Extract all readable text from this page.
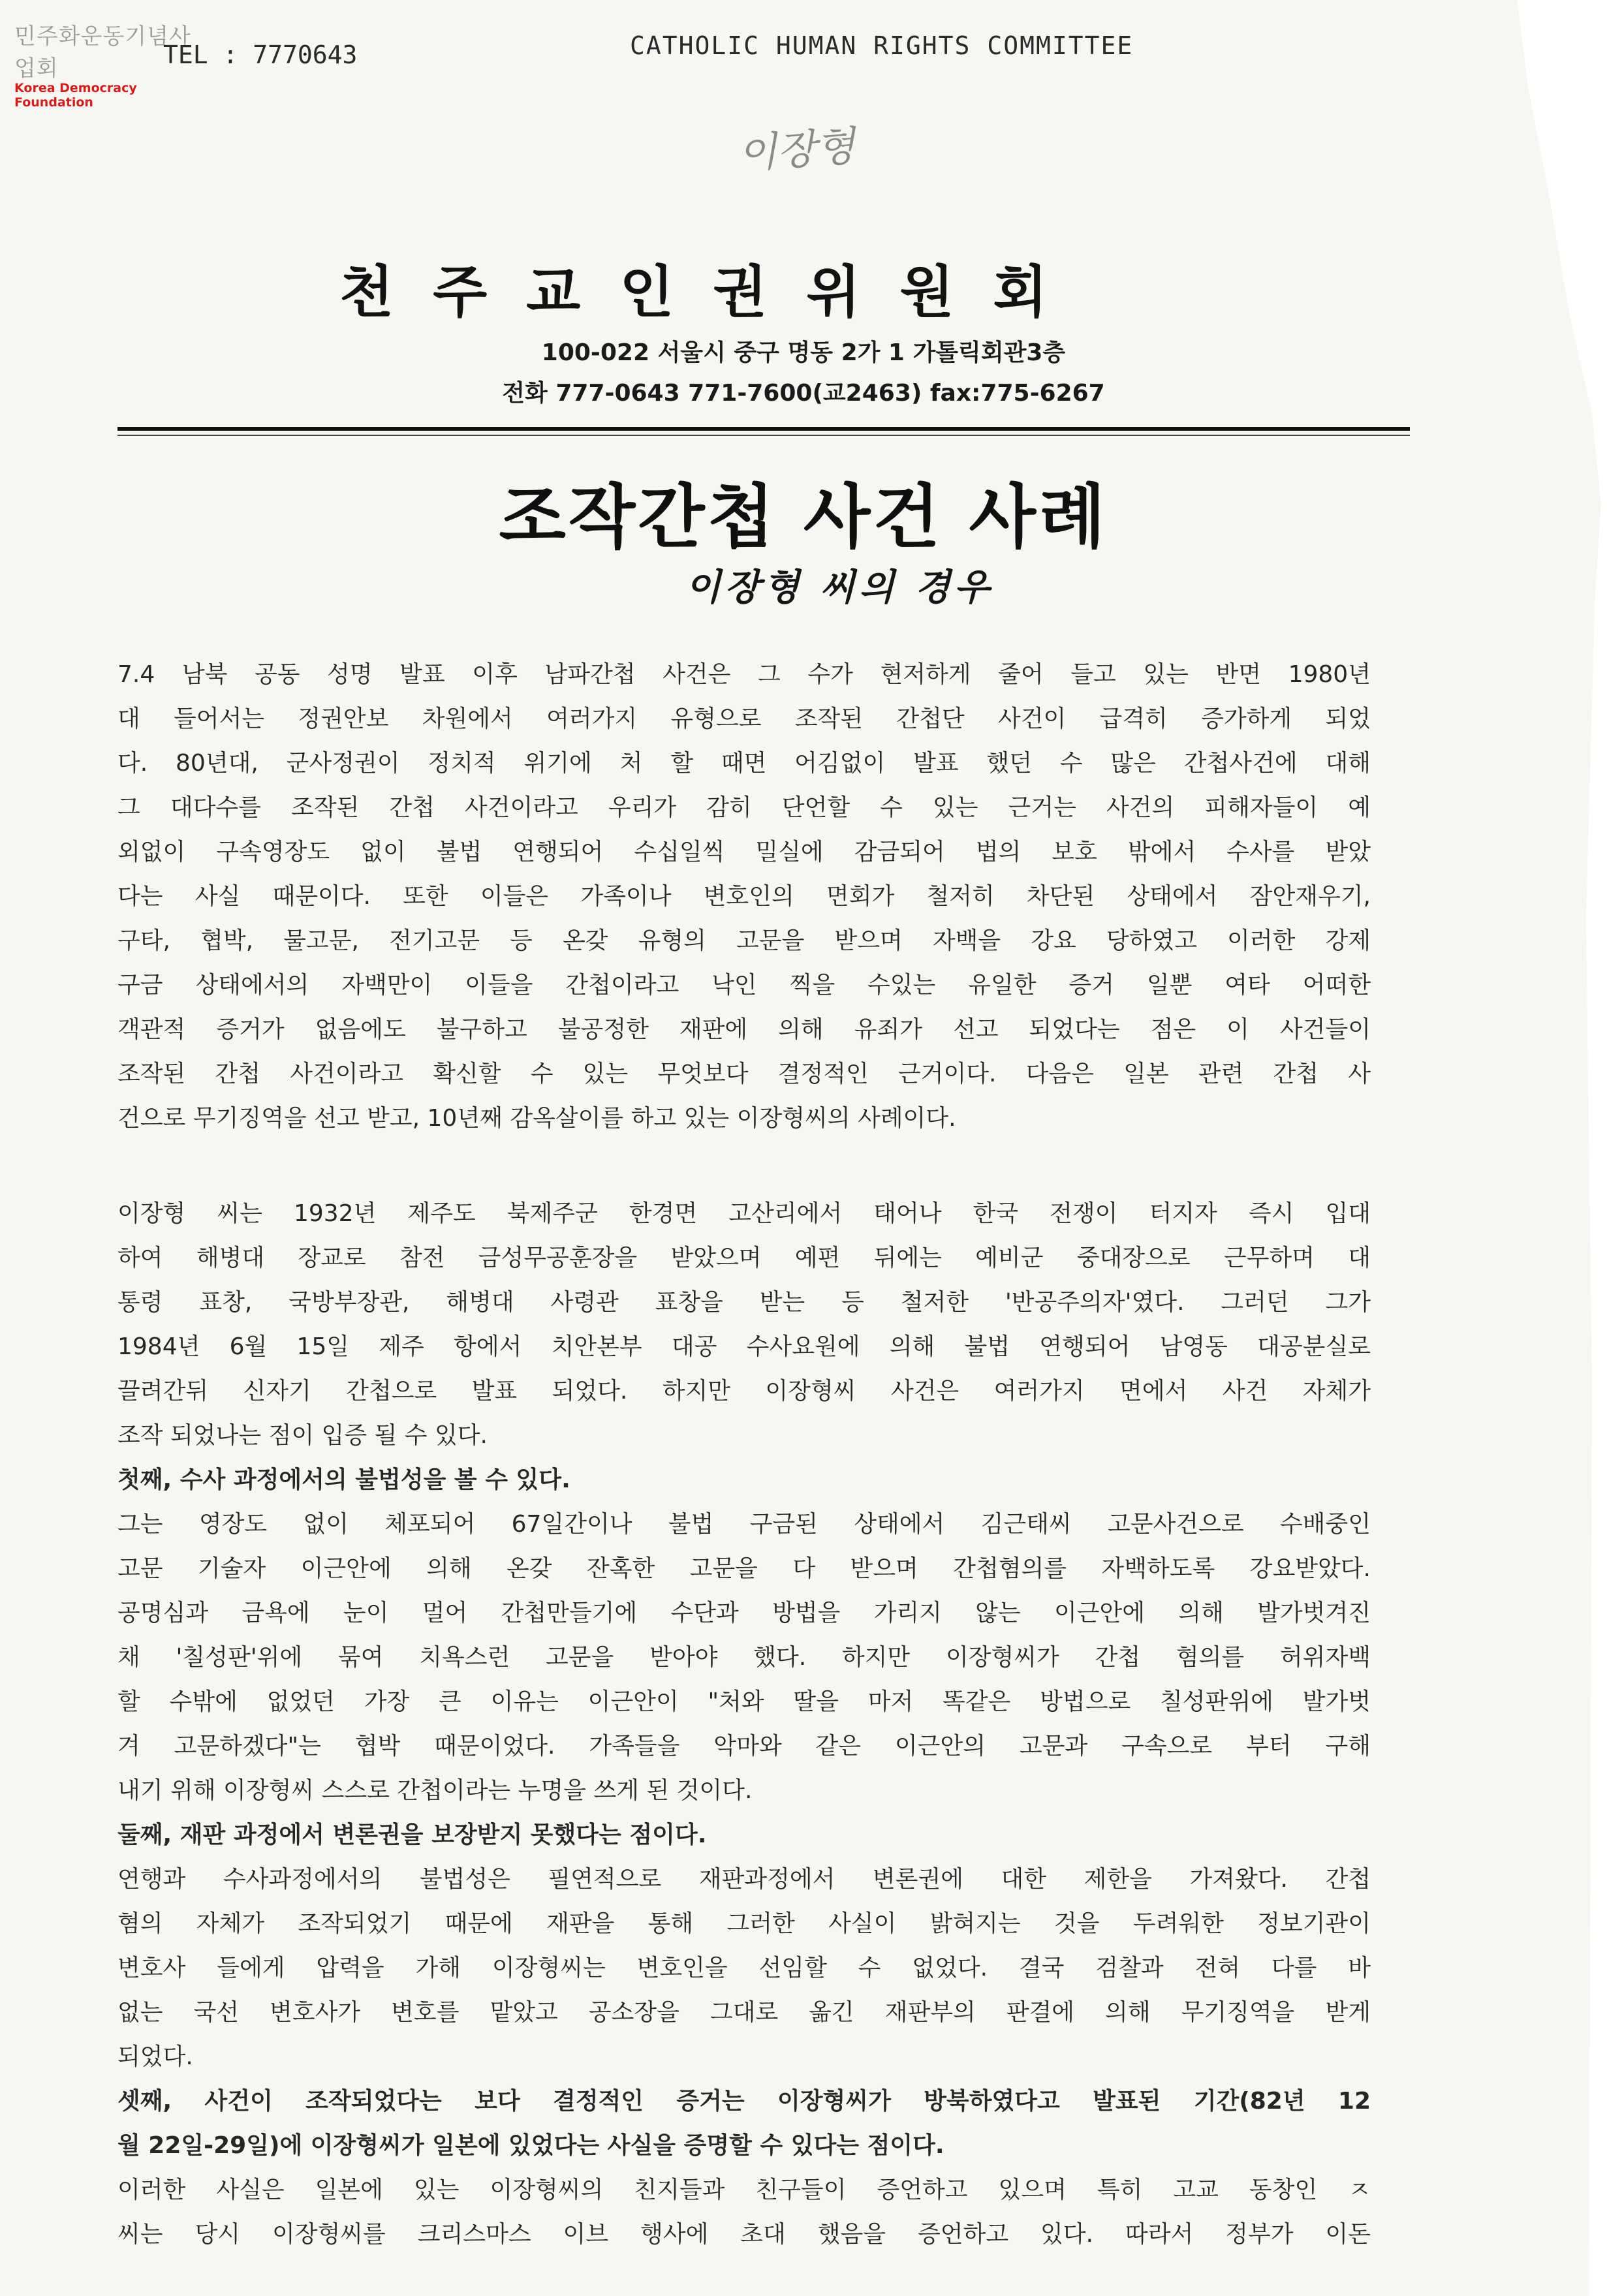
민주화운동기념사업회
Korea Democracy Foundation
TEL : 7770643	CATHOLIC HUMAN RIGHTS COMMITTEE
이장형
천주교인권위원회
100-022 서울시 중구 명동 2가 1 가톨릭회관3층
전화 777-0643 771-7600(교2463) fax:775-6267
조작간첩 사건 사례
이장형 씨의 경우
7.4 남북 공동 성명 발표 이후 남파간첩 사건은 그 수가 현저하게 줄어 들고 있는 반면 1980년
대 들어서는 정권안보 차원에서 여러가지 유형으로 조작된 간첩단 사건이 급격히 증가하게 되었
다. 80년대, 군사정권이 정치적 위기에 처 할 때면 어김없이 발표 했던 수 많은 간첩사건에 대해
그 대다수를 조작된 간첩 사건이라고 우리가 감히 단언할 수 있는 근거는 사건의 피해자들이 예
외없이 구속영장도 없이 불법 연행되어 수십일씩 밀실에 감금되어 법의 보호 밖에서 수사를 받았
다는 사실 때문이다. 또한 이들은 가족이나 변호인의 면회가 철저히 차단된 상태에서 잠안재우기,
구타, 협박, 물고문, 전기고문 등 온갖 유형의 고문을 받으며 자백을 강요 당하였고 이러한 강제
구금 상태에서의 자백만이 이들을 간첩이라고 낙인 찍을 수있는 유일한 증거 일뿐 여타 어떠한
객관적 증거가 없음에도 불구하고 불공정한 재판에 의해 유죄가 선고 되었다는 점은 이 사건들이
조작된 간첩 사건이라고 확신할 수 있는 무엇보다 결정적인 근거이다. 다음은 일본 관련 간첩 사
건으로 무기징역을 선고 받고, 10년째 감옥살이를 하고 있는 이장형씨의 사례이다.
이장형 씨는 1932년 제주도 북제주군 한경면 고산리에서 태어나 한국 전쟁이 터지자 즉시 입대
하여 해병대 장교로 참전 금성무공훈장을 받았으며 예편 뒤에는 예비군 중대장으로 근무하며 대
통령 표창, 국방부장관, 해병대 사령관 표창을 받는 등 철저한 '반공주의자'였다. 그러던 그가
1984년 6월 15일 제주 항에서 치안본부 대공 수사요원에 의해 불법 연행되어 남영동 대공분실로
끌려간뒤 신자기 간첩으로 발표 되었다. 하지만 이장형씨 사건은 여러가지 면에서 사건 자체가
조작 되었나는 점이 입증 될 수 있다.
첫째, 수사 과정에서의 불법성을 볼 수 있다.
그는 영장도 없이 체포되어 67일간이나 불법 구금된 상태에서 김근태씨 고문사건으로 수배중인
고문 기술자 이근안에 의해 온갖 잔혹한 고문을 다 받으며 간첩혐의를 자백하도록 강요받았다.
공명심과 금욕에 눈이 멀어 간첩만들기에 수단과 방법을 가리지 않는 이근안에 의해 발가벗겨진
채 '칠성판'위에 묶여 치욕스런 고문을 받아야 했다. 하지만 이장형씨가 간첩 혐의를 허위자백
할 수밖에 없었던 가장 큰 이유는 이근안이 "처와 딸을 마저 똑같은 방법으로 칠성판위에 발가벗
겨 고문하겠다"는 협박 때문이었다. 가족들을 악마와 같은 이근안의 고문과 구속으로 부터 구해
내기 위해 이장형씨 스스로 간첩이라는 누명을 쓰게 된 것이다.
둘째, 재판 과정에서 변론권을 보장받지 못했다는 점이다.
연행과 수사과정에서의 불법성은 필연적으로 재판과정에서 변론권에 대한 제한을 가져왔다. 간첩
혐의 자체가 조작되었기 때문에 재판을 통해 그러한 사실이 밝혀지는 것을 두려워한 정보기관이
변호사 들에게 압력을 가해 이장형씨는 변호인을 선임할 수 없었다. 결국 검찰과 전혀 다를 바
없는 국선 변호사가 변호를 맡았고 공소장을 그대로 옮긴 재판부의 판결에 의해 무기징역을 받게
되었다.
셋째, 사건이 조작되었다는 보다 결정적인 증거는 이장형씨가 방북하였다고 발표된 기간(82년 12
월 22일-29일)에 이장형씨가 일본에 있었다는 사실을 증명할 수 있다는 점이다.
이러한 사실은 일본에 있는 이장형씨의 친지들과 친구들이 증언하고 있으며 특히 고교 동창인 ㅈ
씨는 당시 이장형씨를 크리스마스 이브 행사에 초대 했음을 증언하고 있다. 따라서 정부가 이돈
